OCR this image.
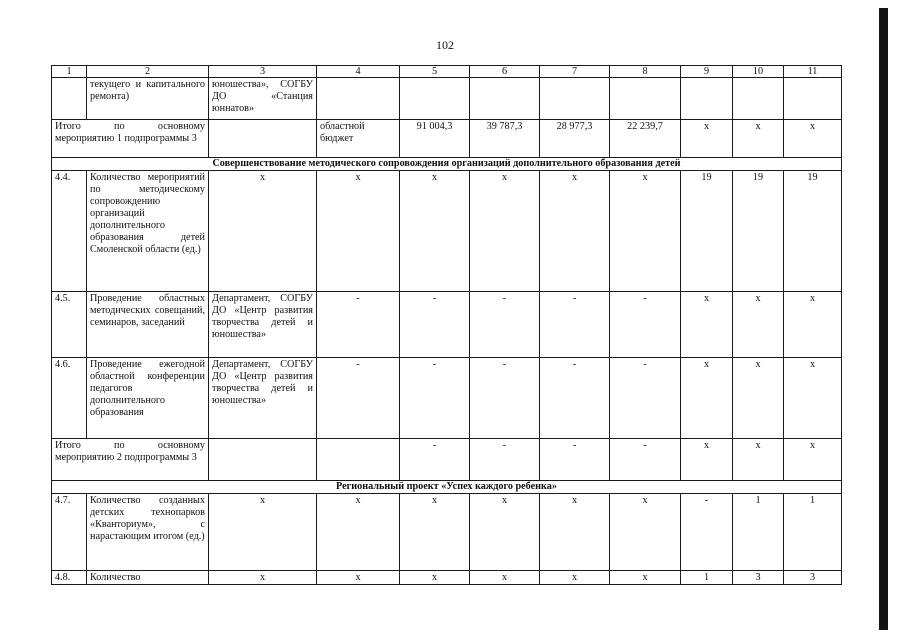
102
1	2	3	4	5	6	7	8	9	10	11
	текущего и капитального ремонта)	юношества», СОГБУ ДО «Станция юннатов»								
Итого по основному мероприятию 1 подпрограммы 3			областной бюджет	91 004,3	39 787,3	28 977,3	22 239,7	х	х	х
Совершенствование методического сопровождения организаций дополнительного образования детей										
4.4.	Количество мероприятий по методическому сопровождению организаций дополнительного образования детей Смоленской области (ед.)	х	х	х	х	х	х	19	19	19
4.5.	Проведение областных методических совещаний, семинаров, заседаний	Департамент, СОГБУ ДО «Центр развития творчества детей и юношества»	-	-	-	-	-	х	х	х
4.6.	Проведение ежегодной областной конференции педагогов дополнительного образования	Департамент, СОГБУ ДО «Центр развития творчества детей и юношества»	-	-	-	-	-	х	х	х
Итого по основному мероприятию 2 подпрограммы 3				-	-	-	-	х	х	х
Региональный проект «Успех каждого ребенка»										
4.7.	Количество созданных детских технопарков «Кванториум», с нарастающим итогом (ед.)	х	х	х	х	х	х	-	1	1
4.8.	Количество	х	х	х	х	х	х	1	3	3
